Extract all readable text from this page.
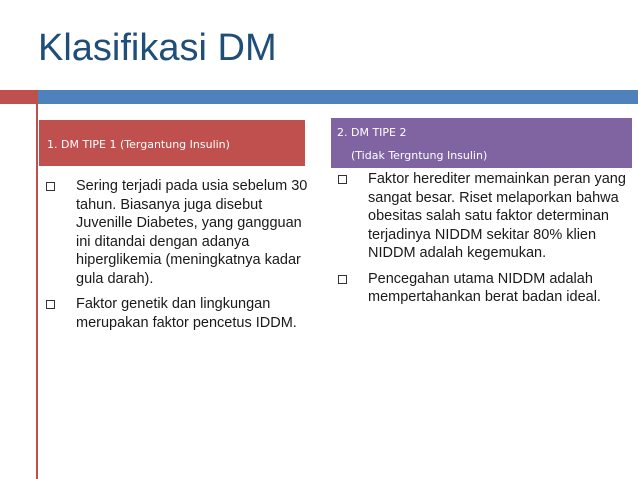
Klasifikasi DM
1. DM TIPE 1 (Tergantung Insulin)
2. DM TIPE 2
(Tidak Tergntung Insulin)
Sering terjadi pada usia sebelum 30 tahun. Biasanya juga disebut Juvenille Diabetes, yang gangguan ini ditandai dengan adanya hiperglikemia (meningkatnya kadar gula darah).
Faktor genetik dan lingkungan merupakan faktor pencetus IDDM.
Faktor herediter memainkan peran yang sangat besar. Riset melaporkan bahwa obesitas salah satu faktor determinan terjadinya NIDDM sekitar 80% klien NIDDM adalah kegemukan.
Pencegahan utama NIDDM adalah mempertahankan berat badan ideal.
